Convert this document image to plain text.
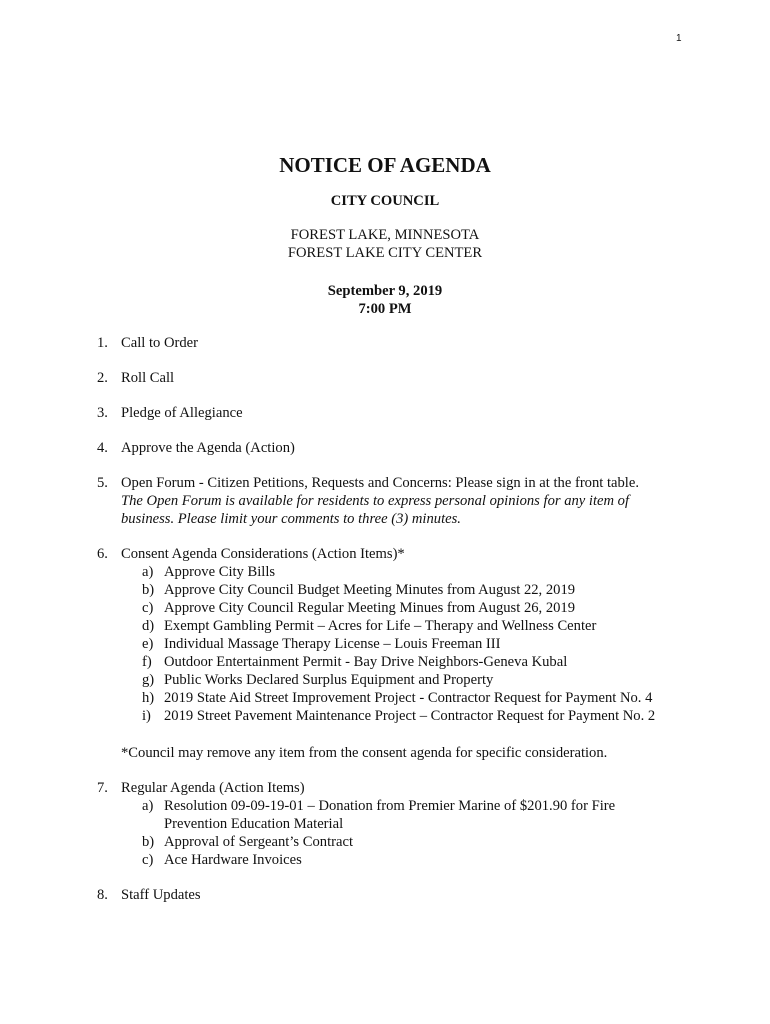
1
NOTICE OF AGENDA
CITY COUNCIL
FOREST LAKE, MINNESOTA
FOREST LAKE CITY CENTER
September 9, 2019
7:00 PM
1. Call to Order
2. Roll Call
3. Pledge of Allegiance
4. Approve the Agenda (Action)
5. Open Forum - Citizen Petitions, Requests and Concerns: Please sign in at the front table.
The Open Forum is available for residents to express personal opinions for any item of
business. Please limit your comments to three (3) minutes.
6. Consent Agenda Considerations (Action Items)*
a) Approve City Bills
b) Approve City Council Budget Meeting Minutes from August 22, 2019
c) Approve City Council Regular Meeting Minues from August 26, 2019
d) Exempt Gambling Permit – Acres for Life – Therapy and Wellness Center
e) Individual Massage Therapy License – Louis Freeman III
f) Outdoor Entertainment Permit - Bay Drive Neighbors-Geneva Kubal
g) Public Works Declared Surplus Equipment and Property
h) 2019 State Aid Street Improvement Project - Contractor Request for Payment No. 4
i) 2019 Street Pavement Maintenance Project – Contractor Request for Payment No. 2
*Council may remove any item from the consent agenda for specific consideration.
7. Regular Agenda (Action Items)
a) Resolution 09-09-19-01 – Donation from Premier Marine of $201.90 for Fire
Prevention Education Material
b) Approval of Sergeant’s Contract
c) Ace Hardware Invoices
8. Staff Updates
